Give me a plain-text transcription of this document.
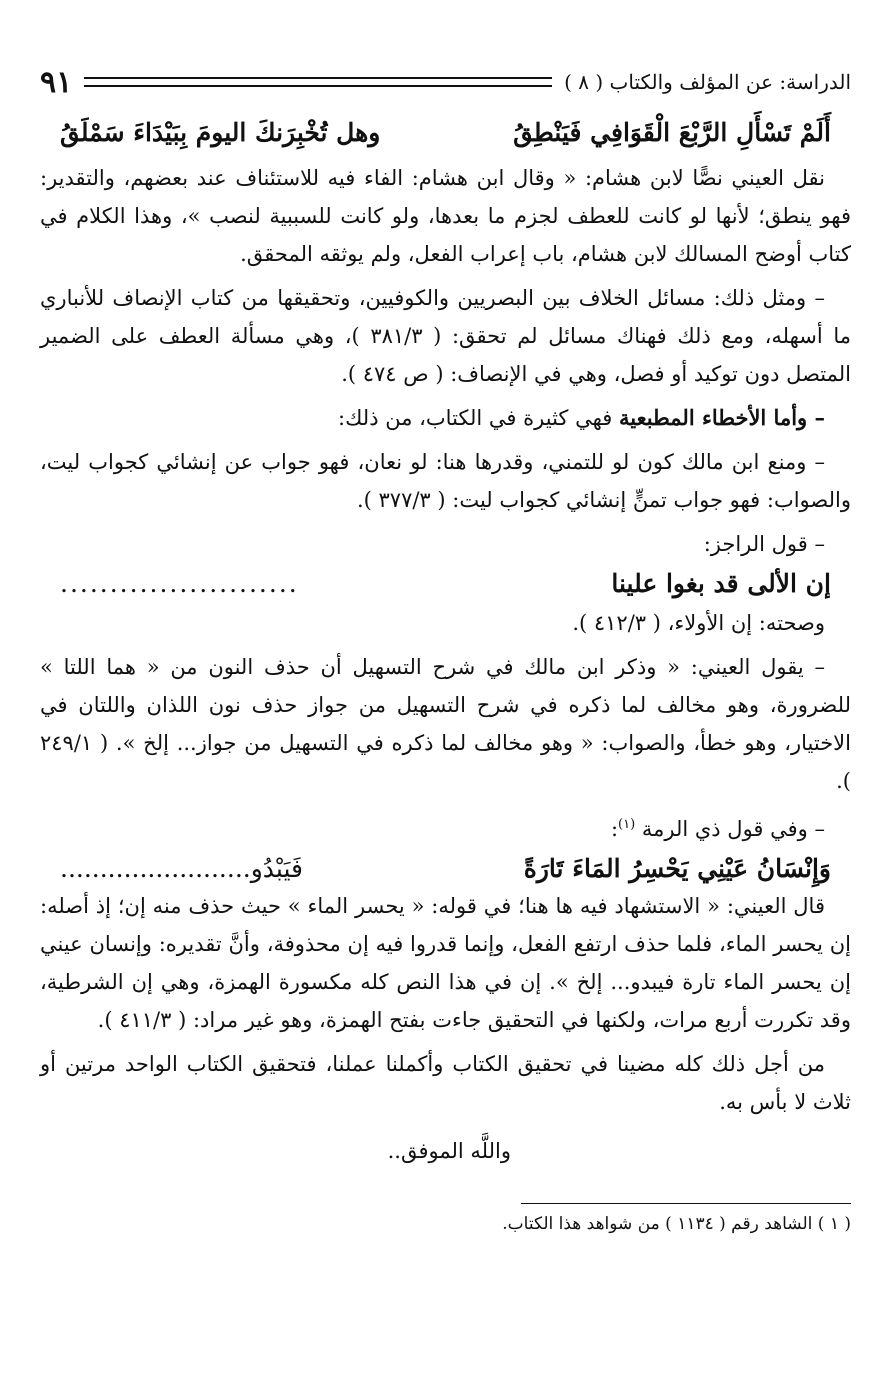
الدراسة: عن المؤلف والكتاب ( ٨ )
٩١
أَلَمْ تَسْأَلِ الرَّبْعَ الْقَوَافِي فَيَنْطِقُ
وهل تُخْبِرَنكَ اليومَ بِبَيْدَاءَ سَمْلَقُ

نقل العيني نصًّا لابن هشام: « وقال ابن هشام: الفاء فيه للاستئناف عند بعضهم، والتقدير: فهو ينطق؛ لأنها لو كانت للعطف لجزم ما بعدها، ولو كانت للسببية لنصب »، وهذا الكلام في كتاب أوضح المسالك لابن هشام، باب إعراب الفعل، ولم يوثقه المحقق.

– ومثل ذلك: مسائل الخلاف بين البصريين والكوفيين، وتحقيقها من كتاب الإنصاف للأنباري ما أسهله، ومع ذلك فهناك مسائل لم تحقق: ( ٣٨١/٣ )، وهي مسألة العطف على الضمير المتصل دون توكيد أو فصل، وهي في الإنصاف: ( ص ٤٧٤ ).

– وأما الأخطاء المطبعية فهي كثيرة في الكتاب، من ذلك:

– ومنع ابن مالك كون لو للتمني، وقدرها هنا: لو نعان، فهو جواب عن إنشائي كجواب ليت، والصواب: فهو جواب تمنٍّ إنشائي كجواب ليت: ( ٣٧٧/٣ ).

– قول الراجز:

إن الألى قد بغوا علينا
........................

وصحته: إن الأولاء، ( ٤١٢/٣ ).

– يقول العيني: « وذكر ابن مالك في شرح التسهيل أن حذف النون من « هما اللتا » للضرورة، وهو مخالف لما ذكره في شرح التسهيل من جواز حذف نون اللذان واللتان في الاختيار، وهو خطأ، والصواب: « وهو مخالف لما ذكره في التسهيل من جواز... إلخ ». ( ٢٤٩/١ ).

– وفي قول ذي الرمة $^{(١)}$:

وَإِنْسَانُ عَيْنِي يَحْسِرُ المَاءَ تَارَةً
فَيَبْدُو........................

قال العيني: « الاستشهاد فيه ها هنا؛ في قوله: « يحسر الماء » حيث حذف منه إن؛ إذ أصله: إن يحسر الماء، فلما حذف ارتفع الفعل، وإنما قدروا فيه إن محذوفة، وأنَّ تقديره: وإنسان عيني إن يحسر الماء تارة فيبدو... إلخ ». إن في هذا النص كله مكسورة الهمزة، وهي إن الشرطية، وقد تكررت أربع مرات، ولكنها في التحقيق جاءت بفتح الهمزة، وهو غير مراد: ( ٤١١/٣ ).

من أجل ذلك كله مضينا في تحقيق الكتاب وأكملنا عملنا، فتحقيق الكتاب الواحد مرتين أو ثلاث لا بأس به.

واللَّه الموفق..
( ١ ) الشاهد رقم ( ١١٣٤ ) من شواهد هذا الكتاب.
